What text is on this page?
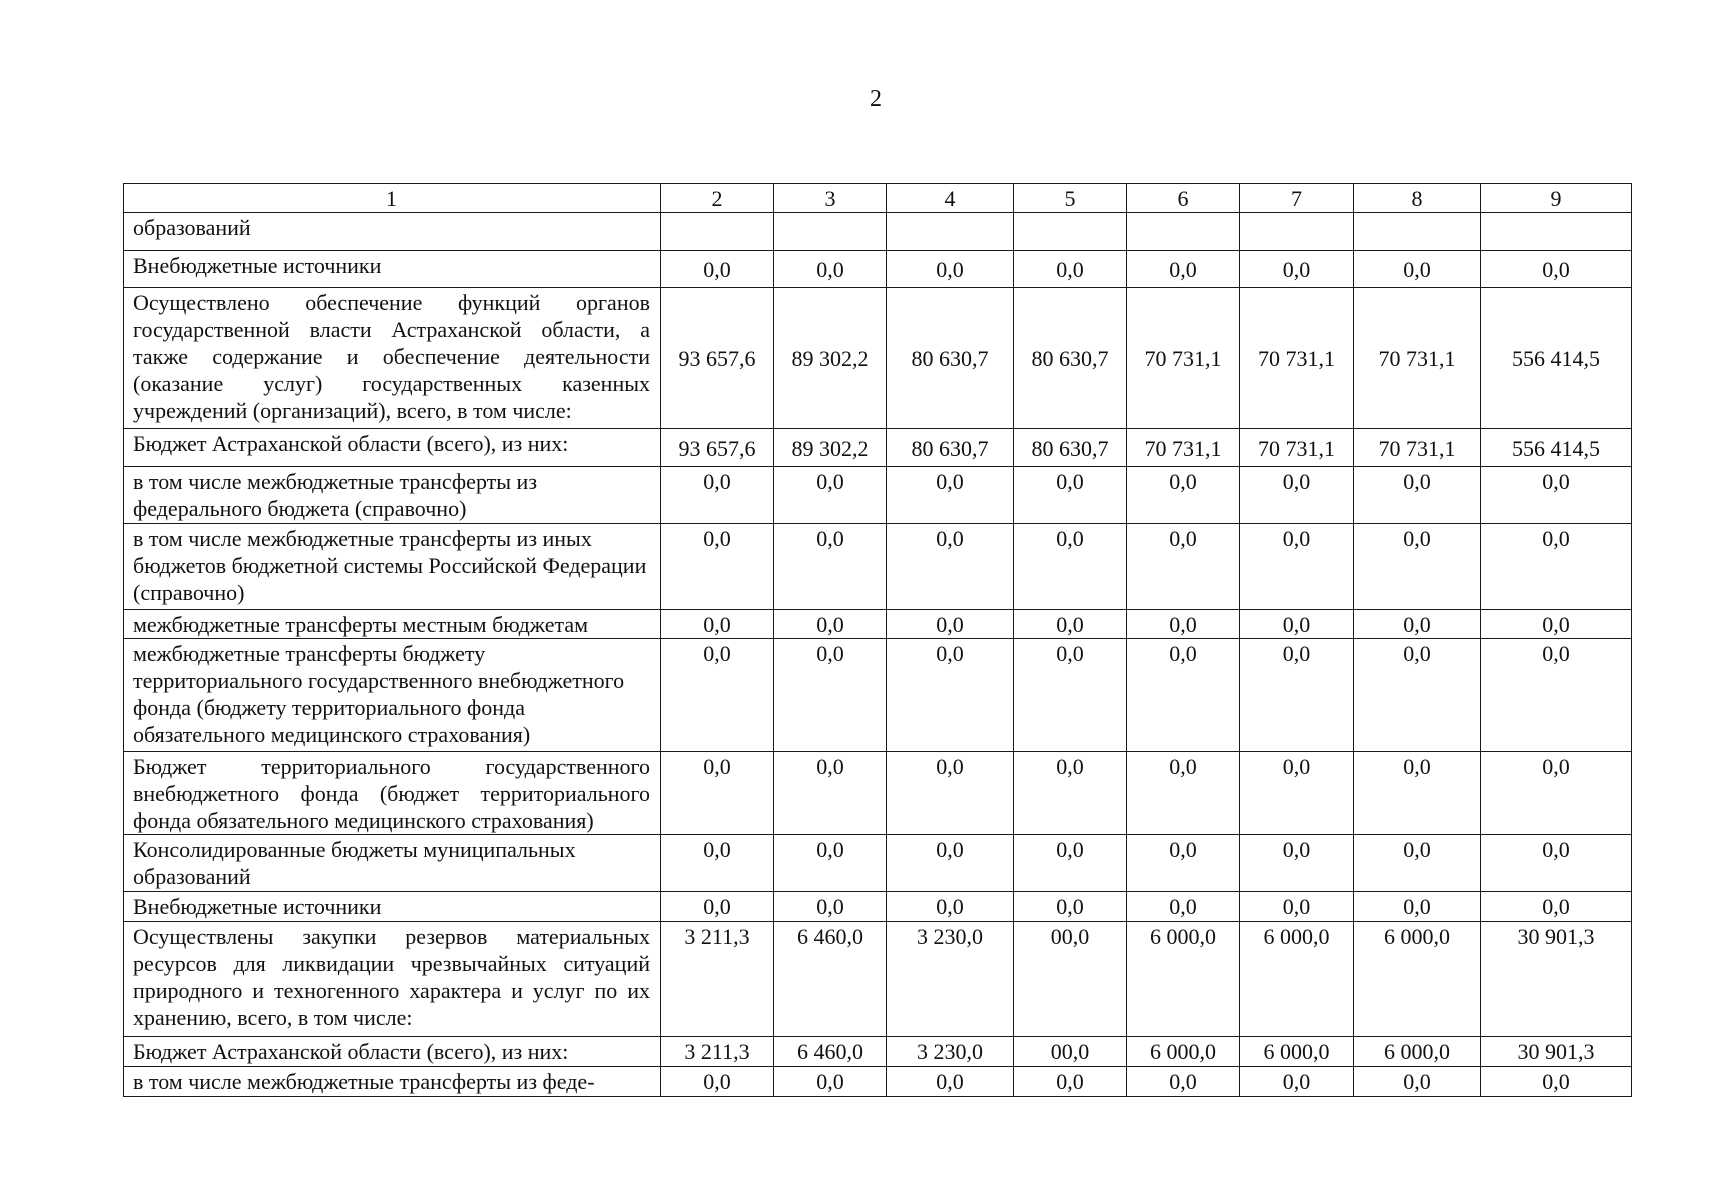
2
1	2	3	4	5	6	7	8	9
образований								
Внебюджетные источники	0,0	0,0	0,0	0,0	0,0	0,0	0,0	0,0
Осуществлено обеспечение функций органов государственной власти Астраханской области, а также содержание и обеспечение деятельности (оказание услуг) государственных казенных учреждений (организаций), всего, в том числе:	93 657,6	89 302,2	80 630,7	80 630,7	70 731,1	70 731,1	70 731,1	556 414,5
Бюджет Астраханской области (всего), из них:	93 657,6	89 302,2	80 630,7	80 630,7	70 731,1	70 731,1	70 731,1	556 414,5
в том числе межбюджетные трансферты из федерального бюджета (справочно)	0,0	0,0	0,0	0,0	0,0	0,0	0,0	0,0
в том числе межбюджетные трансферты из иных бюджетов бюджетной системы Российской Федерации (справочно)	0,0	0,0	0,0	0,0	0,0	0,0	0,0	0,0
межбюджетные трансферты местным бюджетам	0,0	0,0	0,0	0,0	0,0	0,0	0,0	0,0
межбюджетные трансферты бюджету территориального государственного внебюджетного фонда (бюджету территориального фонда обязательного медицинского страхования)	0,0	0,0	0,0	0,0	0,0	0,0	0,0	0,0
Бюджет территориального государственного внебюджетного фонда (бюджет территориального фонда обязательного медицинского страхования)	0,0	0,0	0,0	0,0	0,0	0,0	0,0	0,0
Консолидированные бюджеты муниципальных образований	0,0	0,0	0,0	0,0	0,0	0,0	0,0	0,0
Внебюджетные источники	0,0	0,0	0,0	0,0	0,0	0,0	0,0	0,0
Осуществлены закупки резервов материальных ресурсов для ликвидации чрезвычайных ситуаций природного и техногенного характера и услуг по их хранению, всего, в том числе:	3 211,3	6 460,0	3 230,0	00,0	6 000,0	6 000,0	6 000,0	30 901,3
Бюджет Астраханской области (всего), из них:	3 211,3	6 460,0	3 230,0	00,0	6 000,0	6 000,0	6 000,0	30 901,3
в том числе межбюджетные трансферты из феде-	0,0	0,0	0,0	0,0	0,0	0,0	0,0	0,0
